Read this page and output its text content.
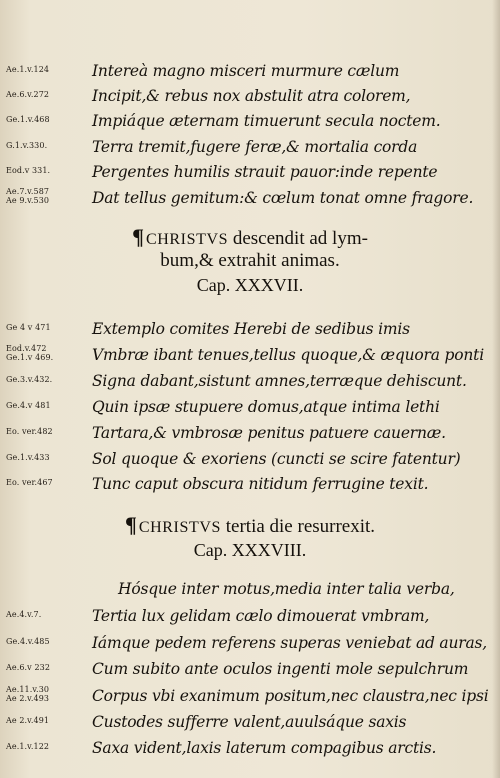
Ae.1.v.124	Intereà magno misceri murmure cælum
Ae.6.v.272	Incipit,& rebus nox abstulit atra colorem,
Ge.1.v.468	Impiáque æternam timuerunt secula noctem.
G.1.v.330.	Terra tremit,fugere feræ,& mortalia corda
Eod.v 331.	Pergentes humilis strauit pauor:inde repente
Ae.7.v.587
Ae 9.v.530	Dat tellus gemitum:& cœlum tonat omne fragore.
¶ CHRISTVS descendit ad lym-
bum,& extrahit animas.
Cap. XXXVII.
Ge 4 v 471	Extemplo comites Herebi de sedibus imis
Eod.v.472
Ge.1.v 469. Vmbræ ibant tenues,tellus quoque,& æquora ponti
Ge.3.v.432.	Signa dabant,sistunt amnes,terræque dehiscunt.
Ge.4.v 481	Quin ipsæ stupuere domus,atque intima lethi
Eo. ver.482	Tartara,& vmbrosæ penitus patuere cauernæ.
Ge.1.v.433	Sol quoque & exoriens (cuncti se scire fatentur)
Eo. ver.467	Tunc caput obscura nitidum ferrugine texit.
¶ CHRISTVS tertia die resurrexit.
Cap. XXXVIII.
Hósque inter motus,media inter talia verba,
Ae.4.v.7.	Tertia lux gelidam cælo dimouerat vmbram,
Ge.4.v.485	Iámque pedem referens superas veniebat ad auras,
Ae.6.v 232	Cum subito ante oculos ingenti mole sepulchrum
Ae.11.v.30
Ae 2.v.493	Corpus vbi exanimum positum,nec claustra,nec ipsi
Ae 2.v.491	Custodes sufferre valent,auulsáque saxis
Ae.1.v.122	Saxa vident,laxis laterum compagibus arctis.
